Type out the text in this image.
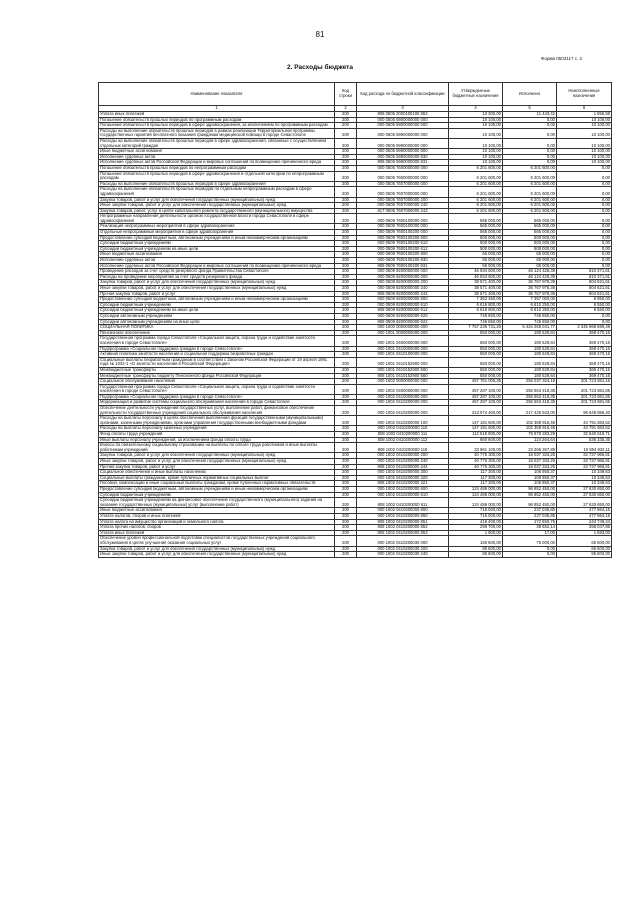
81
Форма 0503117 с. 2
2. Расходы бюджета
Наименование показателя	Код строки	Код расхода по бюджетной классификации	Утвержденные бюджетные назначения	Исполнено	Неисполненные назначения
1	2	3	4	5	6
Уплата иных платежей	200	808 0505 2000100100 853	13 300,00	11 443,42	1 856,58
Погашение обязательств прошлых периодов по программным расходам	200	000 0505 5900000000 000	10 100,00	0,00	10 100,00
Погашение обязательств прошлых периодов в сфере здравоохранения, за исключением по программным расходам	200	000 0505 5900000000 000	10 100,00	0,00	10 100,00
Расходы на выполнение обязательств прошлых периодов в рамках реализации Территориальной программы государственных гарантий бесплатного оказания гражданам медицинской помощи в городе Севастополе	200	000 0505 5990000000 000	10 100,00	0,00	10 100,00
Расходы на выполнение обязательств прошлых периодов в сфере здравоохранения, связанные с осуществлением отдельных категорий граждан	200	000 0505 5990000000 000	10 100,00	0,00	10 100,00
Иные бюджетные ассигнования	200	000 0505 5990000000 800	10 100,00	0,00	10 100,00
Исполнение судебных актов	200	000 0505 5990000000 830	10 100,00	0,00	10 100,00
Исполнение судебных актов Российской Федерации и мировых соглашений по возмещению причиненного вреда	200	808 0505 5990000000 831	10 100,00	0,00	10 100,00
Погашение обязательств прошлых периодов по непрограммным расходам	200	000 0505 7600000000 000	6 201 600,00	6 201 600,00	0,00
Погашение обязательств прошлых периодов в сфере здравоохранения и отдельной категории по непрограммным расходам	200	000 0505 7600000000 000	6 201 600,00	6 201 600,00	0,00
Расходы на выполнение обязательств прошлых периодов в сфере здравоохранения	200	000 0505 7607000000 000	6 201 600,00	6 201 600,00	0,00
Расходы на выполнение обязательств прошлых периодов по отдельным непрограммным расходам в сфере здравоохранения	200	000 0505 7607000000 000	6 201 600,00	6 201 600,00	0,00
Закупка товаров, работ и услуг для обеспечения государственных (муниципальных) нужд	200	000 0505 7607000000 200	6 201 600,00	6 201 600,00	0,00
Иные закупки товаров, работ и услуг для обеспечения государственных (муниципальных) нужд	200	000 0505 7607000000 240	6 201 600,00	6 201 600,00	0,00
Закупка товаров, работ, услуг в целях капитального ремонта государственного (муниципального) имущества	200	817 0505 7607000000 243	6 201 600,00	6 201 600,00	0,00
Непрограммные направления деятельности органов государственной власти города Севастополя в сфере здравоохранения	200	000 0509 7600100000 000	565 000,00	565 000,00	0,00
Реализация непрограммных мероприятий в сфере здравоохранения	200	000 0509 7600100000 000	565 000,00	565 000,00	0,00
Отдельные непрограммные мероприятия в сфере здравоохранения	200	000 0509 7600100200 000	565 000,00	565 000,00	0,00
Предоставление субсидий бюджетным, автономным учреждениям и иным некоммерческим организациям	200	000 0509 7600100200 600	500 000,00	500 000,00	0,00
Субсидии бюджетным учреждениям	200	000 0509 7600100200 610	500 000,00	500 000,00	0,00
Субсидии бюджетным учреждениям на иные цели	200	000 0509 7600100200 612	500 000,00	500 000,00	0,00
Иные бюджетные ассигнования	200	000 0509 7600100200 800	65 000,00	65 000,00	0,00
Исполнение судебных актов	200	000 0509 7600100200 830	65 000,00	65 000,00	0,00
Исполнение судебных актов Российской Федерации и мировых соглашений по возмещению причиненного вреда	200	808 0509 7600100200 831	65 000,00	65 000,00	0,00
Проведение расходов за счет средств резервного фонда Правительства Севастополя	200	000 0509 9200000000 000	46 934 600,00	46 124 428,39	810 371,61
Расходы на проведение мероприятий за счет средств резервного фонда	200	000 0509 9200000000 000	46 934 600,00	46 124 428,39	810 371,61
Закупка товаров, работ и услуг для обеспечения государственных (муниципальных) нужд	200	000 0509 9200000000 200	38 571 400,00	36 767 978,39	804 621,61
Иные закупки товаров, работ и услуг для обеспечения государственных (муниципальных) нужд	200	000 0509 9200000000 240	38 571 400,00	36 767 978,39	804 621,61
Прочая закупка товаров, работ и услуг	200	808 0509 9200000000 244	38 571 400,00	36 767 978,39	804 621,61
Предоставление субсидий бюджетным, автономным учреждениям и иным некоммерческим организациям	200	000 0509 9200000000 600	7 363 450,00	7 357 000,00	6 950,00
Субсидии бюджетным учреждениям	200	000 0509 9200000000 610	6 616 800,00	6 610 250,00	6 550,00
Субсидии бюджетным учреждениям на иные цели	200	808 0509 9200000000 612	6 616 800,00	6 610 250,00	6 550,00
Субсидии автономным учреждениям	200	000 0509 9200000000 620	746 650,00	746 650,00	0,00
Субсидии автономным учреждениям на иные цели	200	808 0509 9200000000 622	746 650,00	746 650,00	0,00
СОЦИАЛЬНАЯ ПОЛИТИКА	200	000 1000 0000000000 000	7 757 236 731,26	5 424 268 041,77	2 345 968 689,49
Пенсионное обеспечение	200	000 1001 0000000000 000	550 000,00	180 529,84	369 470,16
Государственная программа города Севастополя «Социальная защита, охрана труда и содействие занятости населения в городе Севастополе»	200	000 1001 0400000000 000	550 000,00	180 529,84	369 470,16
Подпрограмма «Социальная поддержка граждан в городе Севастополе»	200	000 1001 0410000000 000	550 000,00	180 529,84	369 470,16
Активная политика занятости населения и социальная поддержка безработных граждан	200	000 1001 0410100000 000	550 000,00	180 529,84	369 470,16
Социальные выплаты безработным гражданам в соответствии с Законом Российской Федерации от 19 апреля 1991 года № 1032-1 «О занятости населения в Российской Федерации»	200	000 1001 0410152900 000	550 000,00	180 529,84	369 470,16
Межбюджетные трансферты	200	000 1001 0410152900 500	550 000,00	180 529,84	369 470,16
Межбюджетные трансферты бюджету Пенсионного фонда Российской Федерации	200	808 1001 0410152900 560	550 000,00	180 529,84	369 470,16
Социальное обслуживание населения	200	000 1002 0000000000 000	457 761 005,35	256 037 324,19	201 723 681,16
Государственная программа города Севастополя «Социальная защита, охрана труда и содействие занятости населения в городе Севастополе»	200	000 1002 0400000000 000	457 287 100,00	255 563 418,35	201 723 681,65
Подпрограмма «Социальная поддержка граждан в городе Севастополе»	200	000 1002 0410000000 000	457 287 100,00	255 563 418,35	201 723 681,65
Модернизация и развитие системы социального обслуживания населения в городе Севастополе	200	000 1002 0410200000 000	457 287 100,00	255 563 418,35	201 723 681,65
Обеспечение деятельности учреждений государственных услуг, выполнение работ, финансовое обеспечение деятельности государственных учреждений социального обслуживания населения	200	000 1002 0410200000 000	313 074 400,00	217 425 543,00	95 648 856,40
Расходы на выплаты персоналу в целях обеспечения выполнения функций государственными (муниципальными) органами, казенными учреждениями, органами управления государственными внебюджетными фондами	200	000 1002 0410200000 100	147 181 600,00	102 359 916,48	44 791 683,52
Расходы на выплаты персоналу казенных учреждений	200	000 1002 0410200000 110	147 181 600,00	102 359 916,48	44 791 683,52
Фонд оплаты труда учреждений	200	808 1002 0410200000 111	112 519 900,00	79 979 283,29	32 540 616,71
Иные выплаты персоналу учреждений, за исключением фонда оплаты труда	200	808 1002 0410200000 112	660 600,00	124 264,64	536 335,36
Взносы по обязательному социальному страхованию на выплаты по оплате труда работников и иные выплаты работникам учреждений	200	808 1002 0410200000 119	33 961 100,00	23 266 267,89	10 694 832,11
Закупка товаров, работ и услуг для обеспечения государственных (муниципальных) нужд	200	000 1002 0410200000 200	40 775 300,00	18 037 333,26	22 737 966,81
Иные закупки товаров, работ и услуг для обеспечения государственных (муниципальных) нужд	200	000 1002 0410200000 240	40 775 300,00	18 037 333,26	22 737 966,81
Прочая закупка товаров, работ и услуг	200	808 1002 0410200000 244	40 775 300,00	18 037 333,26	22 737 966,81
Социальное обеспечение и иные выплаты населению	200	000 1002 0410200000 300	117 300,00	106 950,37	10 349,63
Социальные выплаты гражданам, кроме публичных нормативных социальных выплат	200	000 1002 0410200000 320	117 300,00	106 950,37	10 349,63
Пособия, компенсации и иные социальные выплаты гражданам, кроме публичных нормативных обязательств	200	808 1002 0410200000 321	117 300,00	106 950,37	10 349,63
Предоставление субсидий бюджетным, автономным учреждениям и иным некоммерческим организациям	200	000 1002 0410200000 600	124 486 000,00	96 852 450,00	27 630 650,00
Субсидии бюджетным учреждениям	200	000 1002 0410200000 610	124 486 000,00	96 852 450,00	27 630 650,00
Субсидии бюджетным учреждениям на финансовое обеспечение государственного (муниципального) задания на оказание государственных (муниципальных) услуг (выполнение работ)	200	808 1002 0410200000 611	124 486 000,00	96 852 450,00	27 630 650,00
Иные бюджетные ассигнования	200	000 1002 0410200000 800	715 000,00	237 035,85	477 964,15
Уплата налогов, сборов и иных платежей	200	000 1002 0410200000 850	715 000,00	237 035,85	477 964,15
Уплата налога на имущество организаций и земельного налога	200	808 1002 0410200000 851	416 400,00	172 650,76	243 749,24
Уплата прочих налогов, сборов	200	808 1002 0410200000 852	296 700,00	38 652,14	258 047,86
Уплата иных платежей	200	808 1002 0410200000 853	1 900,00	17,00	1 883,00
Обеспечение уровня профессиональной подготовки специалистов государственных учреждений социального обслуживания в целях улучшения оказания социальных услуг	200	000 1002 0410200030 000	150 600,00	75 000,00	65 600,00
Закупка товаров, работ и услуг для обеспечения государственных (муниципальных) нужд	200	000 1002 0410200030 200	85 600,00	0,00	85 600,00
Иные закупки товаров, работ и услуг для обеспечения государственных (муниципальных) нужд	200	000 1002 0410200030 240	85 600,00	0,00	85 600,00
